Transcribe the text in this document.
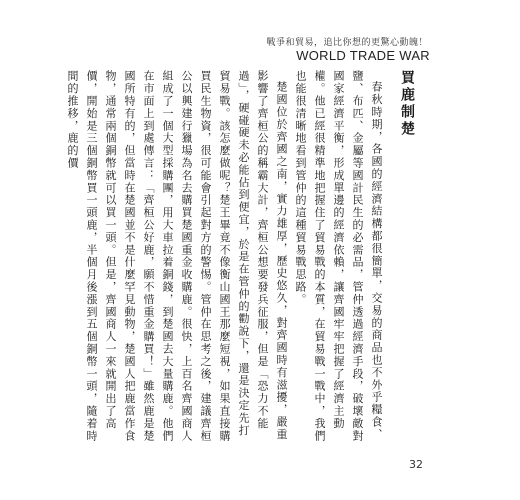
戰爭和貿易，追比你想的更驚心動魄！
WORLD TRADE WAR
買鹿制楚

春秋時期，各國的經濟結構都很簡單，交易的商品也不外乎糧食、鹽、布匹、金屬等國計民生的必需品，管仲透過經濟手段，破壞敵對國家經濟平衡，形成單邊的經濟依賴，讓齊國牢牢把握了經濟主動權。他已經很精準地把握住了貿易戰的本質，在貿易戰一戰中，我們也能很清晰地看到管仲的這種貿易戰思路。

楚國位於齊國之南，實力雄厚，歷史悠久，對齊國時有滋擾，嚴重影響了齊桓公的稱霸大計，齊桓公想要發兵征服，但是「恐力不能過」，硬碰硬未必能佔到便宜，於是在管仲的勸說下，還是決定先打貿易戰。該怎麼做呢？楚王畢竟不像衡山國王那麼短視，如果直接購買民生物資，很可能會引起對方的警惕。管仲在思考之後，建議齊桓公以興建行獵場為名去購買楚國重金收購鹿。很快，上百名齊國商人組成了一個大型採購團，用大車拉着銅錢，到楚國去大量購鹿。他們在市面上到處傳言：「齊桓公好鹿，願不惜重金購買！」雖然鹿是楚國所特有的，但當時在楚國並不是什麼罕見動物，楚國人把鹿當作食物，通常兩個銅幣就可以買一頭。但是，齊國商人一來就開出了高價，開始是三個銅幣買一頭鹿，半個月後漲到五個銅幣一頭，隨着時間的推移，鹿的價

32
